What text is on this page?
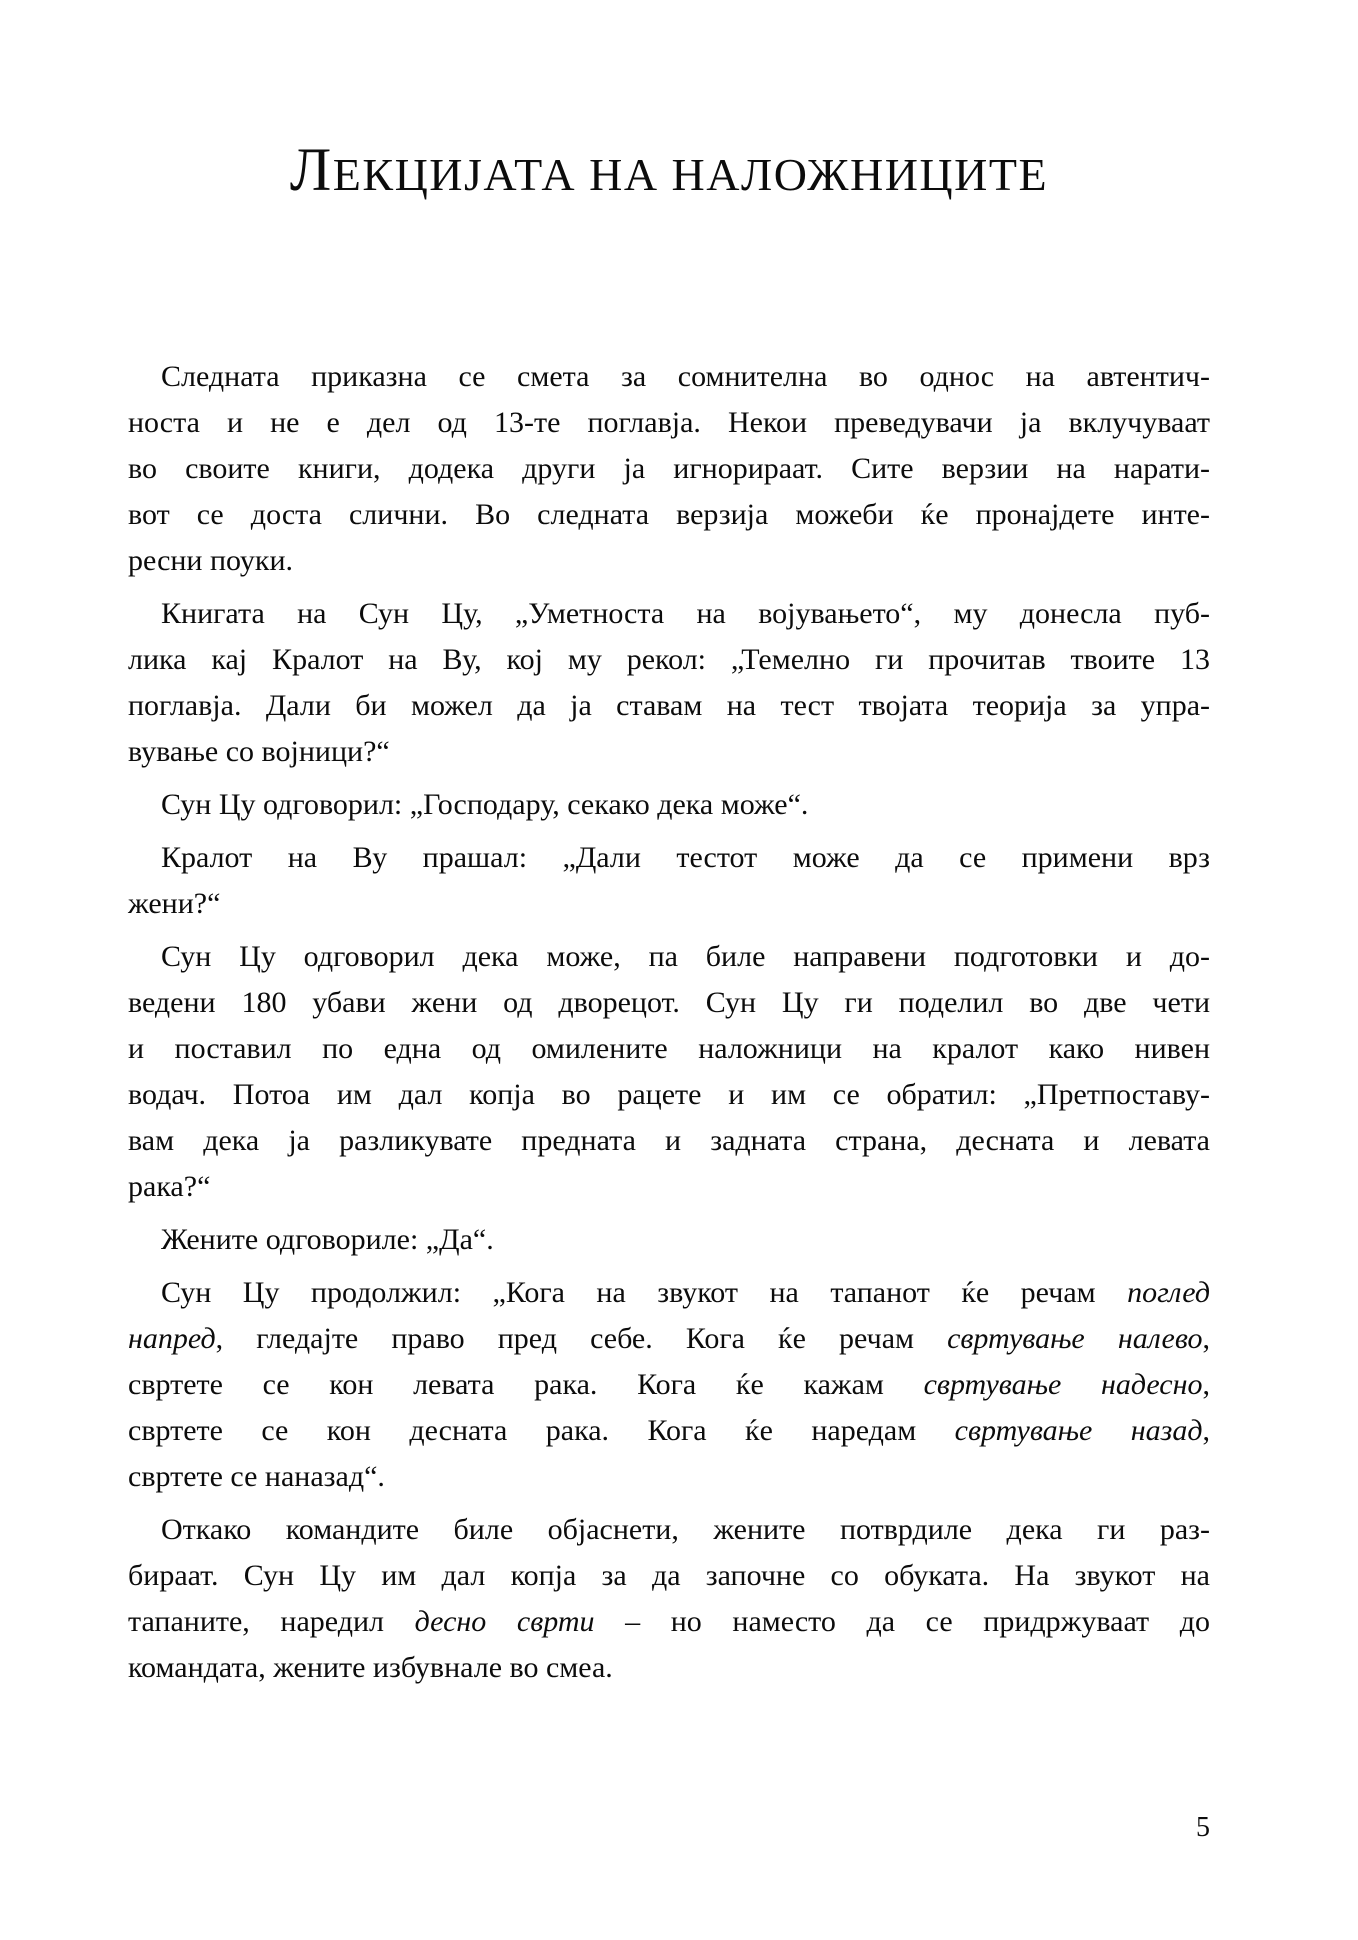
ЛЕКЦИЈАТА НА НАЛОЖНИЦИТЕ
Следната приказна се смета за сомнителна во однос на автентич-
носта и не е дел од 13-те поглавја. Некои преведувачи ја вклучуваат
во своите книги, додека други ја игнорираат. Сите верзии на нарати-
вот се доста слични. Во следната верзија можеби ќе пронајдете инте-
ресни поуки.
Книгата на Сун Цу, „Уметноста на војувањето“, му донесла пуб-
лика кај Кралот на Ву, кој му рекол: „Темелно ги прочитав твоите 13
поглавја. Дали би можел да ја ставам на тест твојата теорија за упра-
вување со војници?“
Сун Цу одговорил: „Господару, секако дека може“.
Кралот на Ву прашал: „Дали тестот може да се примени врз
жени?“
Сун Цу одговорил дека може, па биле направени подготовки и до-
ведени 180 убави жени од дворецот. Сун Цу ги поделил во две чети
и поставил по една од омилените наложници на кралот како нивен
водач. Потоа им дал копја во рацете и им се обратил: „Претпоставу-
вам дека ја разликувате предната и задната страна, десната и левата
рака?“
Жените одговориле: „Да“.
Сун Цу продолжил: „Кога на звукот на тапанот ќе речам поглед
напред, гледајте право пред себе. Кога ќе речам свртување налево,
свртете се кон левата рака. Кога ќе кажам свртување надесно,
свртете се кон десната рака. Кога ќе наредам свртување назад,
свртете се наназад“.
Откако командите биле објаснети, жените потврдиле дека ги раз-
бираат. Сун Цу им дал копја за да започне со обуката. На звукот на
тапаните, наредил десно сврти – но наместо да се придржуваат до
командата, жените избувнале во смеа.
5
